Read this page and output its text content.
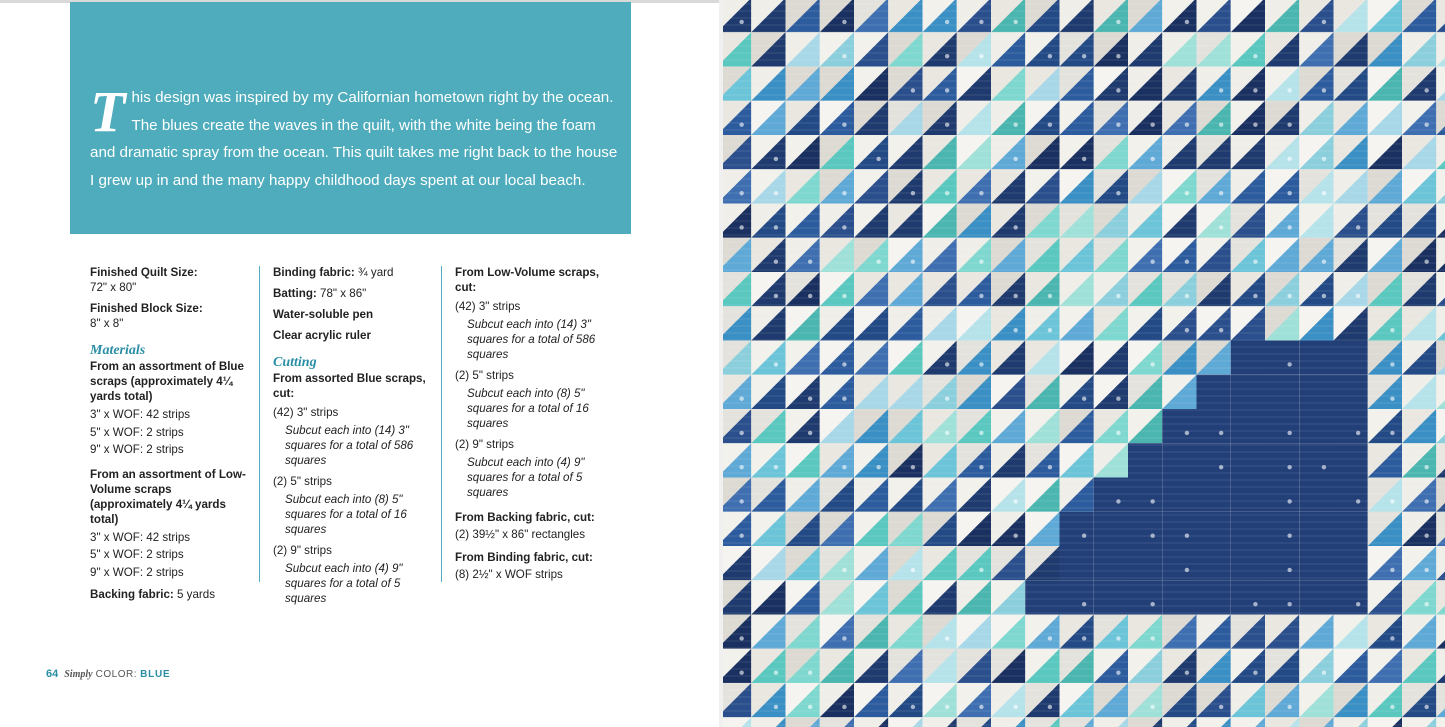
This design was inspired by my Californian hometown right by the ocean. The blues create the waves in the quilt, with the white being the foam and dramatic spray from the ocean. This quilt takes me right back to the house I grew up in and the many happy childhood days spent at our local beach.
Finished Quilt Size:
72" x 80"
Finished Block Size:
8" x 8"
Materials
From an assortment of Blue scraps (approximately 4¼ yards total)
3" x WOF: 42 strips
5" x WOF: 2 strips
9" x WOF: 2 strips
From an assortment of Low-Volume scraps (approximately 4¼ yards total)
3" x WOF: 42 strips
5" x WOF: 2 strips
9" x WOF: 2 strips
Backing fabric: 5 yards
Binding fabric: ¾ yard
Batting: 78" x 86"
Water-soluble pen
Clear acrylic ruler
Cutting
From assorted Blue scraps, cut:
(42) 3" strips
Subcut each into (14) 3" squares for a total of 586 squares
(2) 5" strips
Subcut each into (8) 5" squares for a total of 16 squares
(2) 9" strips
Subcut each into (4) 9" squares for a total of 5 squares
From Low-Volume scraps, cut:
(42) 3" strips
Subcut each into (14) 3" squares for a total of 586 squares
(2) 5" strips
Subcut each into (8) 5" squares for a total of 16 squares
(2) 9" strips
Subcut each into (4) 9" squares for a total of 5 squares
From Backing fabric, cut:
(2) 39½" x 86" rectangles
From Binding fabric, cut:
(8) 2½" x WOF strips
64 Simply COLOR: BLUE
